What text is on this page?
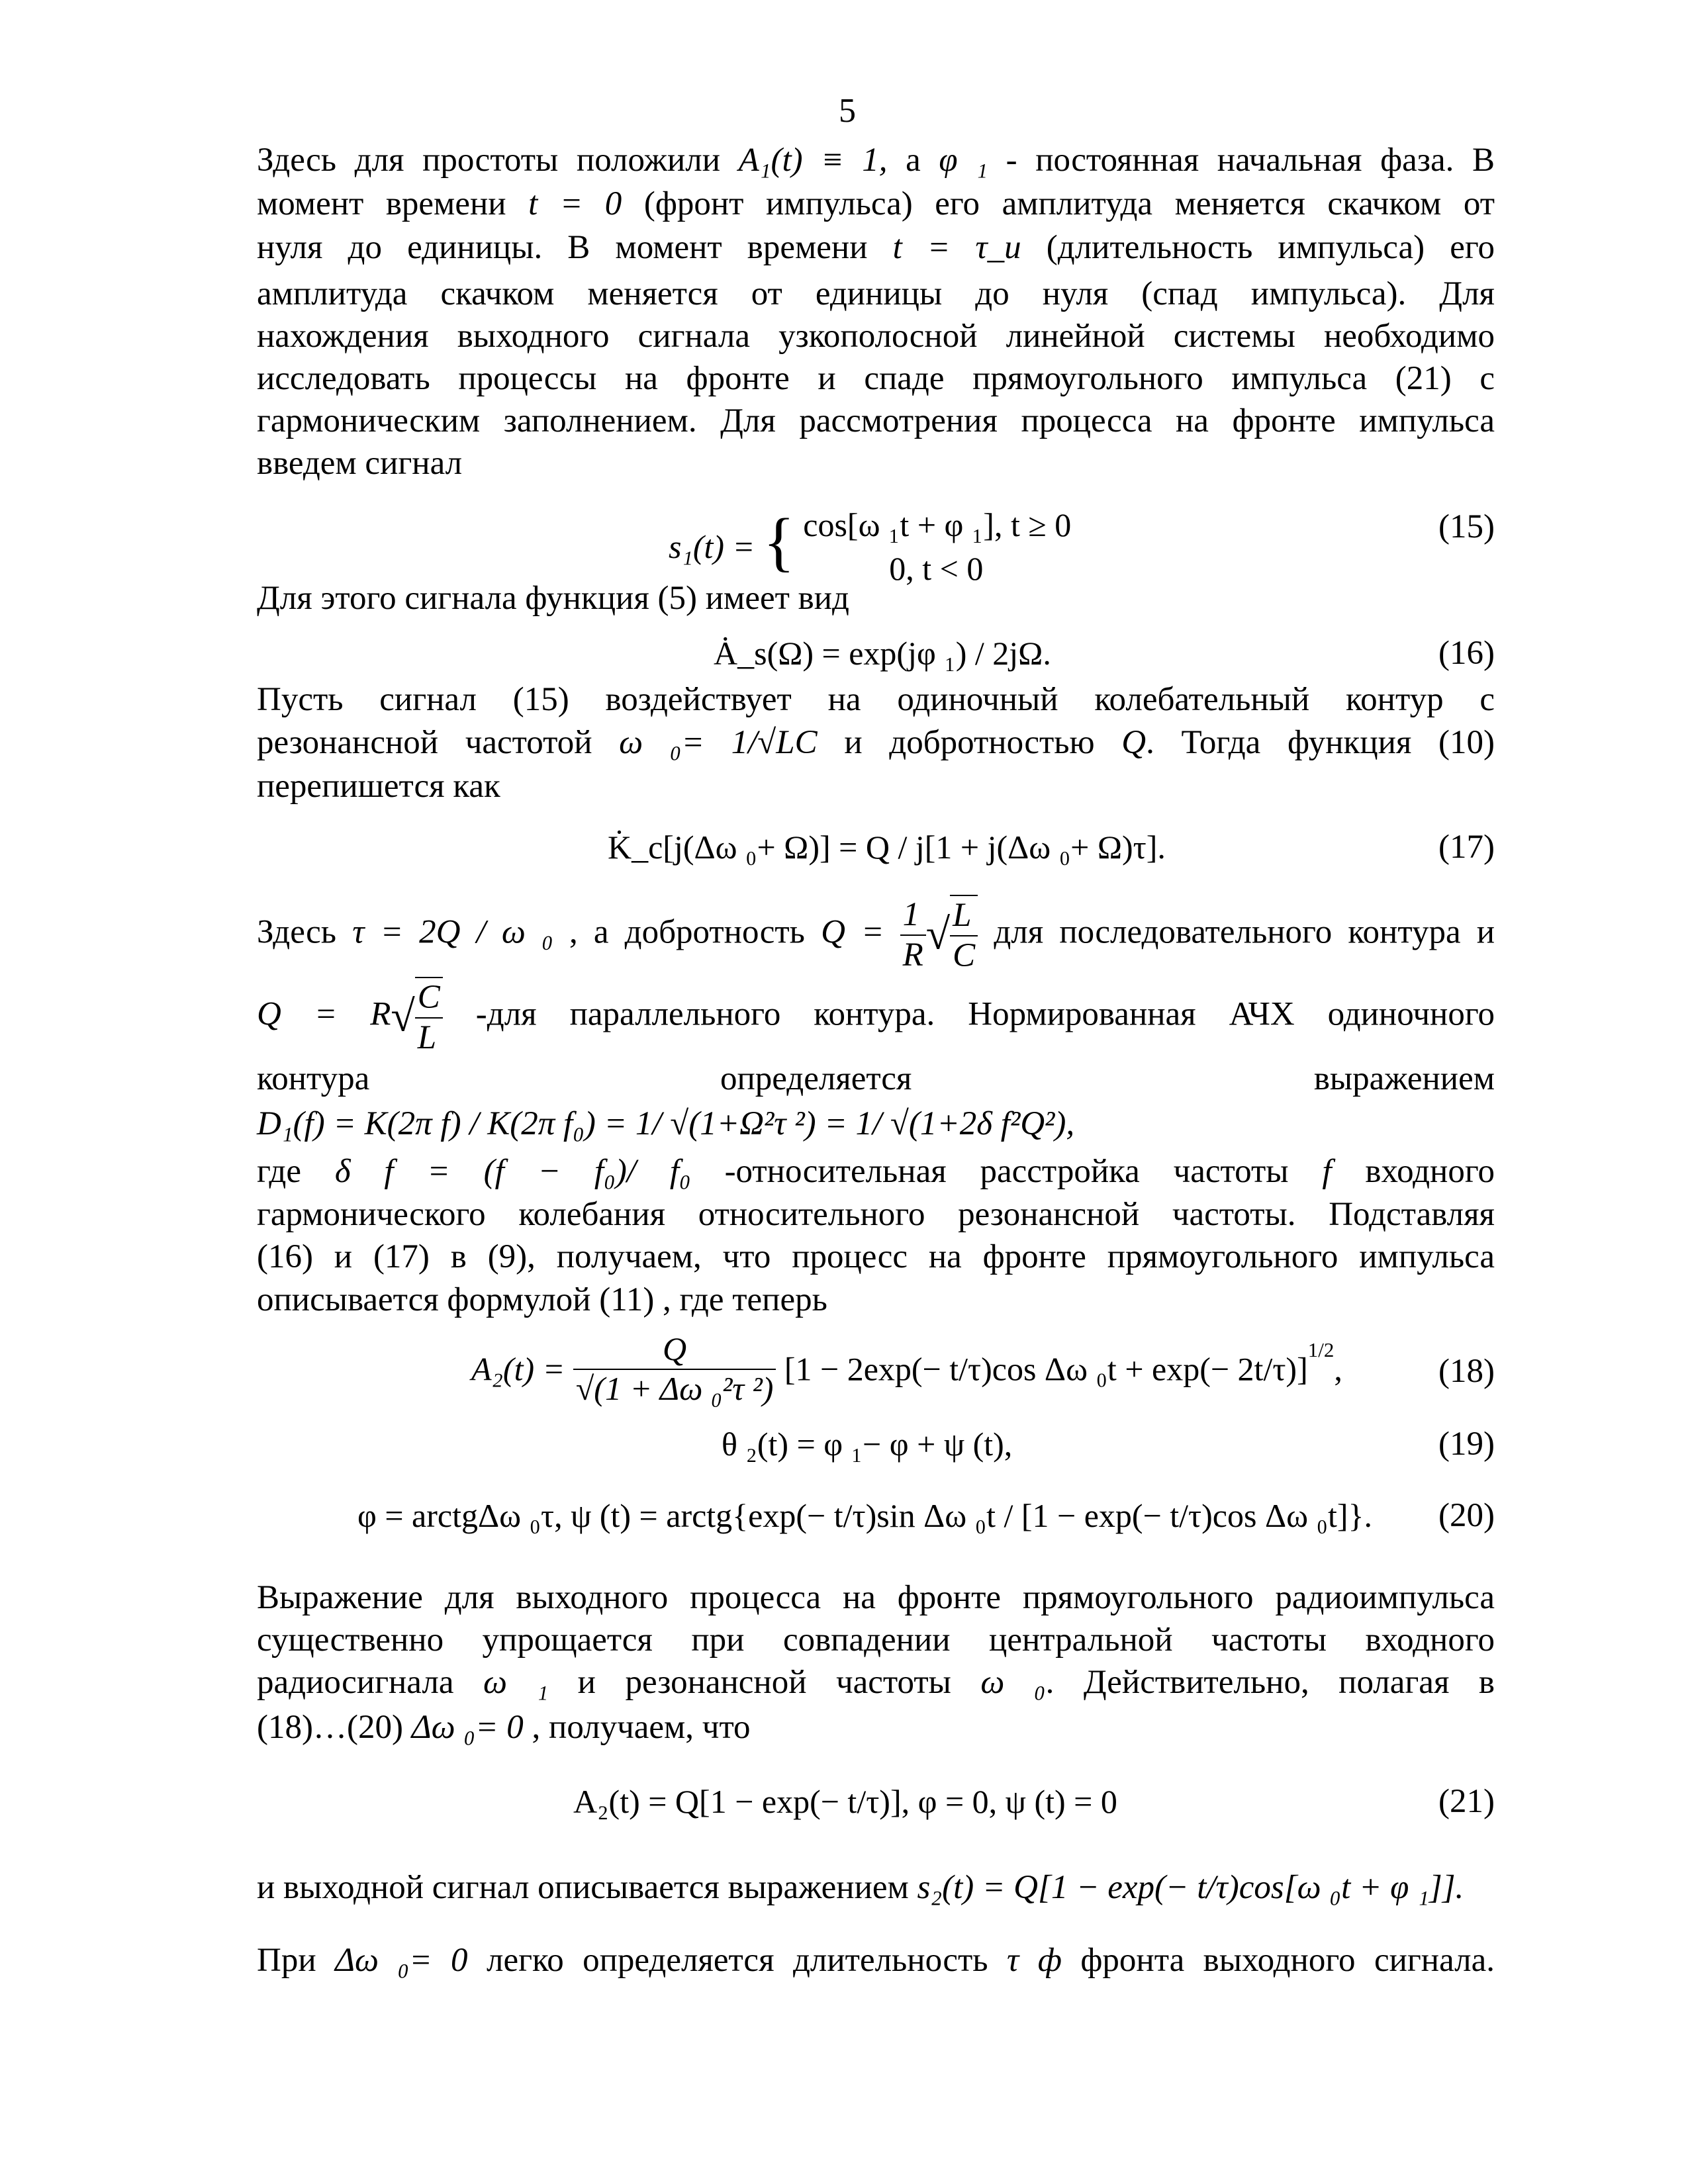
5
Здесь для простоты положили A₁(t) ≡ 1, а φ ₁ - постоянная начальная фаза. В
момент времени t = 0 (фронт импульса) его амплитуда меняется скачком от
нуля до единицы. В момент времени t = τ_и (длительность импульса) его
амплитуда скачком меняется от единицы до нуля (спад импульса). Для
нахождения выходного сигнала узкополосной линейной системы необходимо
исследовать процессы на фронте и спаде прямоугольного импульса (21) с
гармоническим заполнением. Для рассмотрения процесса на фронте импульса
введем сигнал
s₁(t) = { cos[ω ₁t + φ ₁], t ≥ 0
0, t < 0
(15)
Для этого сигнала функция (5) имеет вид
Ȧ_s(Ω) = exp(jφ ₁) / 2jΩ.	(16)
Пусть сигнал (15) воздействует на одиночный колебательный контур с
резонансной частотой ω ₀= 1/√LC и добротностью Q. Тогда функция (10)
перепишется как
K̇_c[j(Δω ₀+ Ω)] = Q / j[1 + j(Δω ₀+ Ω)τ].	(17)
Здесь τ = 2Q / ω ₀ , а добротность $Q = \frac{1}{R}$ √ $\frac{L}{C}$ для последовательного контура и
$Q = R√ \frac{C}{L} -для$ параллельного контура. Нормированная АЧХ одиночного
контура	определяется	выражением
D₁(f) = K(2π f) / K(2π f₀) = 1/ √(1+Ω²τ ²) = 1/ √(1+2δ f²Q²),
где δ f = (f − f₀)/ f₀ -относительная расстройка частоты f входного
гармонического колебания относительного резонансной частоты. Подставляя
(16) и (17) в (9), получаем, что процесс на фронте прямоугольного импульса
описывается формулой (11) , где теперь
$A_2(t) = \frac{Q}{\text{√(1 + Δω ₀²τ ²)}} [1 - 2\exp(- t/\tau)\cos$ Δω ₀t + exp(− 2t/τ)]$^{1/2}$,	(18)
θ ₂(t) = φ ₁− φ + ψ (t),	(19)
φ = arctgΔω ₀τ, ψ (t) = arctg{exp(− t/τ)sin Δω ₀t / [1 − exp(− t/τ)cos Δω ₀t]}. (20)
Выражение для выходного процесса на фронте прямоугольного радиоимпульса
существенно упрощается при совпадении центральной частоты входного
радиосигнала ω ₁ и резонансной частоты ω ₀. Действительно, полагая в
(18)…(20) Δω ₀= 0 , получаем, что
A₂(t) = Q[1 − exp(− t/τ)], φ = 0, ψ (t) = 0	(21)
и выходной сигнал описывается выражением s₂(t) = Q[1 − exp(− t/τ)cos[ω ₀t + φ ₁]].
При Δω ₀= 0 легко определяется длительность τ ф фронта выходного сигнала.
